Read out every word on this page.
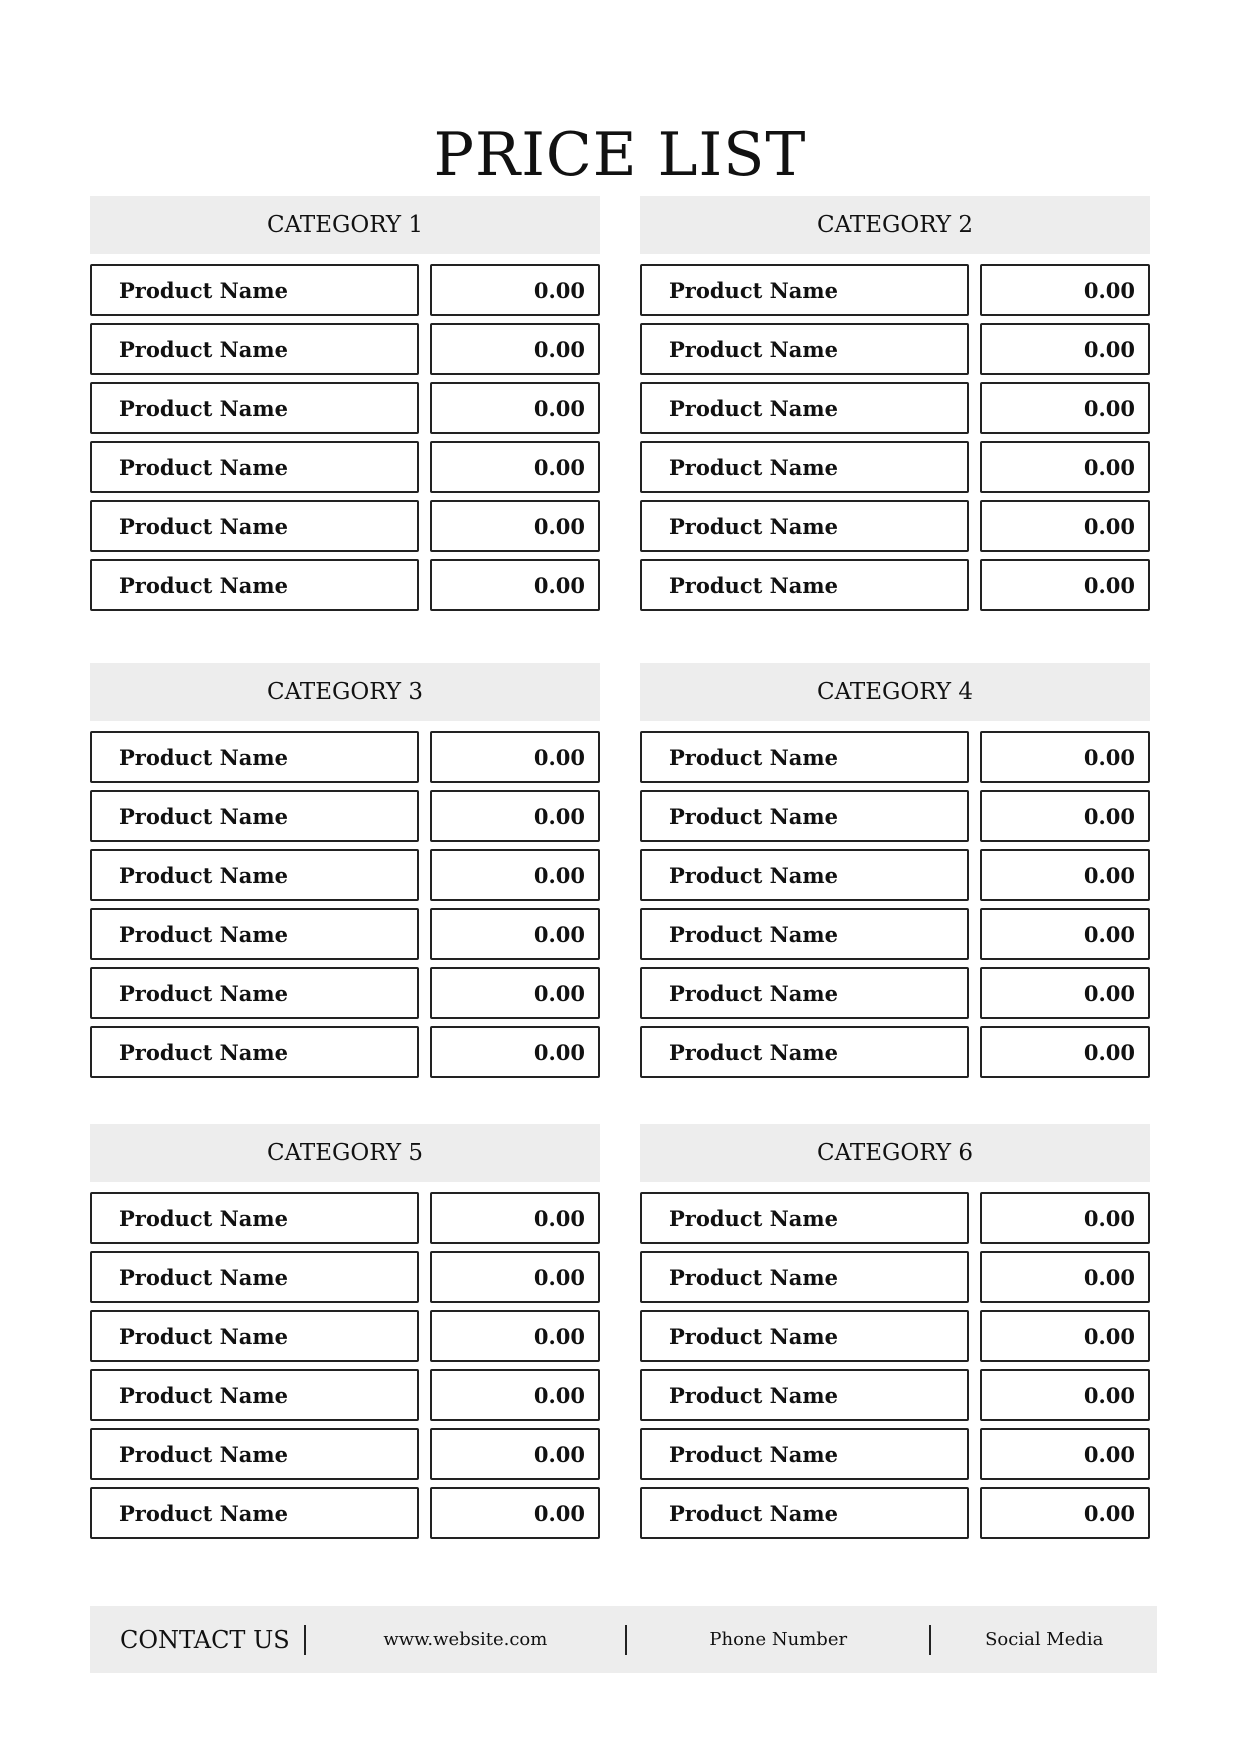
PRICE LIST
CATEGORY 1
Product Name	0.00
Product Name	0.00
Product Name	0.00
Product Name	0.00
Product Name	0.00
Product Name	0.00
CATEGORY 2
Product Name	0.00
Product Name	0.00
Product Name	0.00
Product Name	0.00
Product Name	0.00
Product Name	0.00
CATEGORY 3
Product Name	0.00
Product Name	0.00
Product Name	0.00
Product Name	0.00
Product Name	0.00
Product Name	0.00
CATEGORY 4
Product Name	0.00
Product Name	0.00
Product Name	0.00
Product Name	0.00
Product Name	0.00
Product Name	0.00
CATEGORY 5
Product Name	0.00
Product Name	0.00
Product Name	0.00
Product Name	0.00
Product Name	0.00
Product Name	0.00
CATEGORY 6
Product Name	0.00
Product Name	0.00
Product Name	0.00
Product Name	0.00
Product Name	0.00
Product Name	0.00
CONTACT US	www.website.com	Phone Number	Social Media
